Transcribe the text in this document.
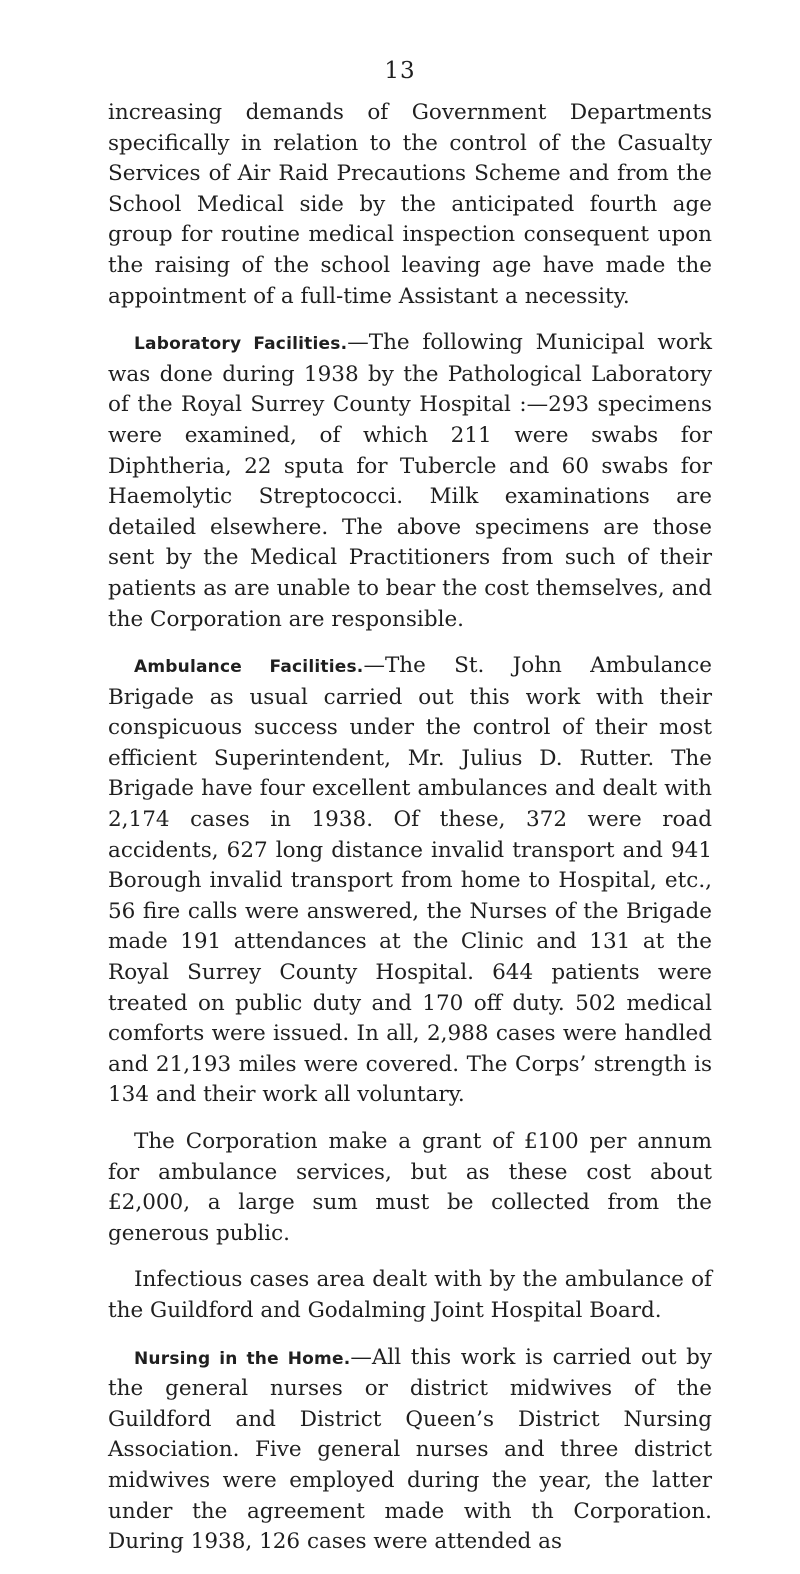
13

increasing demands of Government Departments specifically in relation to the control of the Casualty Services of Air Raid Precautions Scheme and from the School Medical side by the anticipated fourth age group for routine medical inspection consequent upon the raising of the school leaving age have made the appointment of a full-time Assistant a necessity.

Laboratory Facilities.—The following Municipal work was done during 1938 by the Pathological Laboratory of the Royal Surrey County Hospital :—293 specimens were examined, of which 211 were swabs for Diphtheria, 22 sputa for Tubercle and 60 swabs for Haemolytic Streptococci. Milk examinations are detailed elsewhere. The above specimens are those sent by the Medical Practitioners from such of their patients as are unable to bear the cost themselves, and the Corporation are responsible.

Ambulance Facilities.—The St. John Ambulance Brigade as usual carried out this work with their conspicuous success under the control of their most efficient Superintendent, Mr. Julius D. Rutter. The Brigade have four excellent ambulances and dealt with 2,174 cases in 1938. Of these, 372 were road accidents, 627 long distance invalid transport and 941 Borough invalid transport from home to Hospital, etc., 56 fire calls were answered, the Nurses of the Brigade made 191 attendances at the Clinic and 131 at the Royal Surrey County Hospital. 644 patients were treated on public duty and 170 off duty. 502 medical comforts were issued. In all, 2,988 cases were handled and 21,193 miles were covered. The Corps’ strength is 134 and their work all voluntary.

The Corporation make a grant of £100 per annum for ambulance services, but as these cost about £2,000, a large sum must be collected from the generous public.

Infectious cases area dealt with by the ambulance of the Guildford and Godalming Joint Hospital Board.

Nursing in the Home.—All this work is carried out by the general nurses or district midwives of the Guildford and District Queen’s District Nursing Association. Five general nurses and three district midwives were employed during the year, the latter under the agreement made with th Corporation. During 1938, 126 cases were attended as
